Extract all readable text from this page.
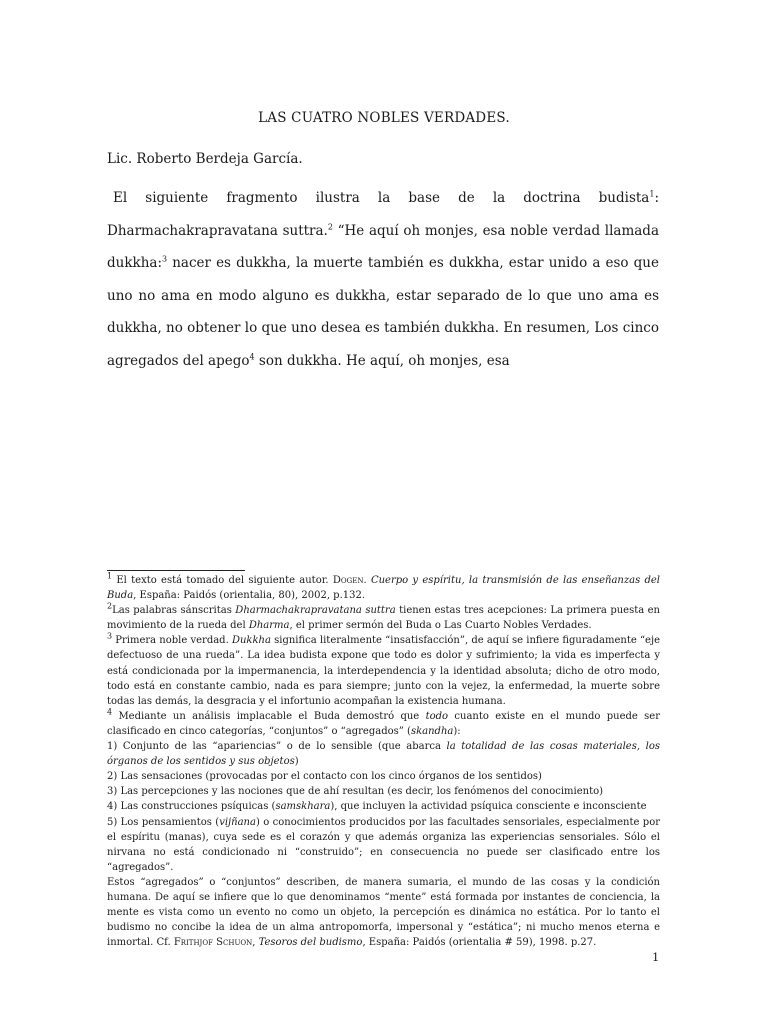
LAS CUATRO NOBLES VERDADES.
Lic. Roberto Berdeja García.

El siguiente fragmento ilustra la base de la doctrina budista$^1$: Dharmachakrapravatana suttra.$^2$ “He aquí oh monjes, esa noble verdad llamada dukkha:$^3$ nacer es dukkha, la muerte también es dukkha, estar unido a eso que uno no ama en modo alguno es dukkha, estar separado de lo que uno ama es dukkha, no obtener lo que uno desea es también dukkha. En resumen, Los cinco agregados del apego$^4$ son dukkha. He aquí, oh monjes, esa

$^1$ El texto está tomado del siguiente autor. Dogen. Cuerpo y espíritu, la transmisión de las enseñanzas del Buda, España: Paidós (orientalia, 80), 2002, p.132.

$^2$Las palabras sánscritas Dharmachakrapravatana suttra tienen estas tres acepciones: La primera puesta en movimiento de la rueda del Dharma, el primer sermón del Buda o Las Cuarto Nobles Verdades.

$^3$ Primera noble verdad. Dukkha significa literalmente “insatisfacción”, de aquí se infiere figuradamente “eje defectuoso de una rueda”. La idea budista expone que todo es dolor y sufrimiento; la vida es imperfecta y está condicionada por la impermanencia, la interdependencia y la identidad absoluta; dicho de otro modo, todo está en constante cambio, nada es para siempre; junto con la vejez, la enfermedad, la muerte sobre todas las demás, la desgracia y el infortunio acompañan la existencia humana.

$^4$ Mediante un análisis implacable el Buda demostró que todo cuanto existe en el mundo puede ser clasificado en cinco categorías, “conjuntos” o “agregados” (skandha):

1) Conjunto de las “apariencias” o de lo sensible (que abarca la totalidad de las cosas materiales, los órganos de los sentidos y sus objetos)

2) Las sensaciones (provocadas por el contacto con los cinco órganos de los sentidos)

3) Las percepciones y las nociones que de ahí resultan (es decir, los fenómenos del conocimiento)

4) Las construcciones psíquicas (samskhara), que incluyen la actividad psíquica consciente e inconsciente

5) Los pensamientos (vijñana) o conocimientos producidos por las facultades sensoriales, especialmente por el espíritu (manas), cuya sede es el corazón y que además organiza las experiencias sensoriales. Sólo el nirvana no está condicionado ni “construido”; en consecuencia no puede ser clasificado entre los “agregados”.

Estos “agregados” o “conjuntos” describen, de manera sumaria, el mundo de las cosas y la condición humana. De aquí se infiere que lo que denominamos “mente” está formada por instantes de conciencia, la mente es vista como un evento no como un objeto, la percepción es dinámica no estática. Por lo tanto el budismo no concibe la idea de un alma antropomorfa, impersonal y “estática”; ni mucho menos eterna e inmortal. Cf. Frithjof Schuon, Tesoros del budismo, España: Paidós (orientalia # 59), 1998. p.27.

1
